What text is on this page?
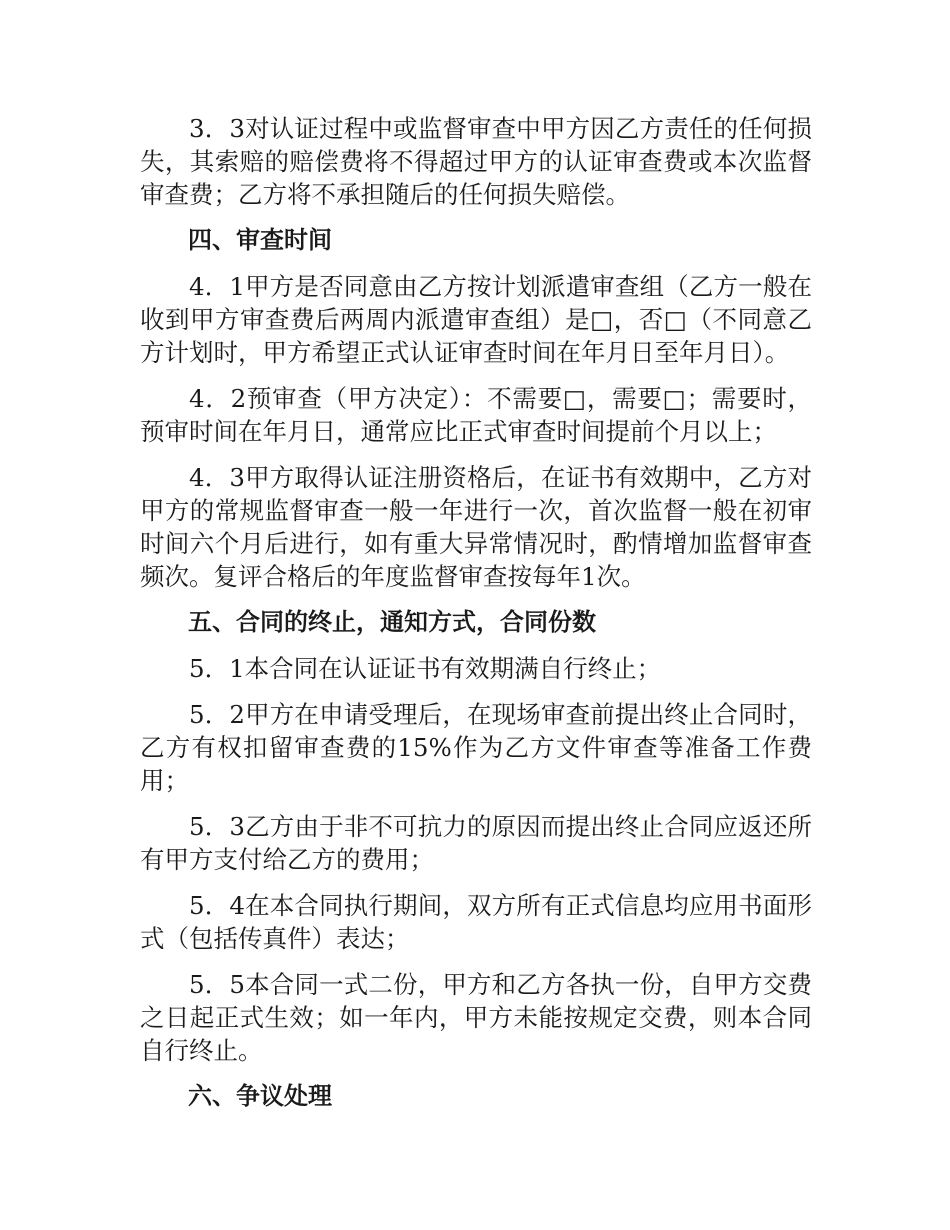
3．3对认证过程中或监督审查中甲方因乙方责任的任何损失，其索赔的赔偿费将不得超过甲方的认证审查费或本次监督审查费；乙方将不承担随后的任何损失赔偿。

四、审查时间

4．1甲方是否同意由乙方按计划派遣审查组（乙方一般在收到甲方审查费后两周内派遣审查组）是□，否□（不同意乙方计划时，甲方希望正式认证审查时间在年月日至年月日）。

4．2预审查（甲方决定）：不需要□，需要□；需要时，预审时间在年月日，通常应比正式审查时间提前个月以上；

4．3甲方取得认证注册资格后，在证书有效期中，乙方对甲方的常规监督审查一般一年进行一次，首次监督一般在初审时间六个月后进行，如有重大异常情况时，酌情增加监督审查频次。复评合格后的年度监督审查按每年1次。

五、合同的终止，通知方式，合同份数

5．1本合同在认证证书有效期满自行终止；

5．2甲方在申请受理后，在现场审查前提出终止合同时，乙方有权扣留审查费的15%作为乙方文件审查等准备工作费用；

5．3乙方由于非不可抗力的原因而提出终止合同应返还所有甲方支付给乙方的费用；

5．4在本合同执行期间，双方所有正式信息均应用书面形式（包括传真件）表达；

5．5本合同一式二份，甲方和乙方各执一份，自甲方交费之日起正式生效；如一年内，甲方未能按规定交费，则本合同自行终止。

六、争议处理
